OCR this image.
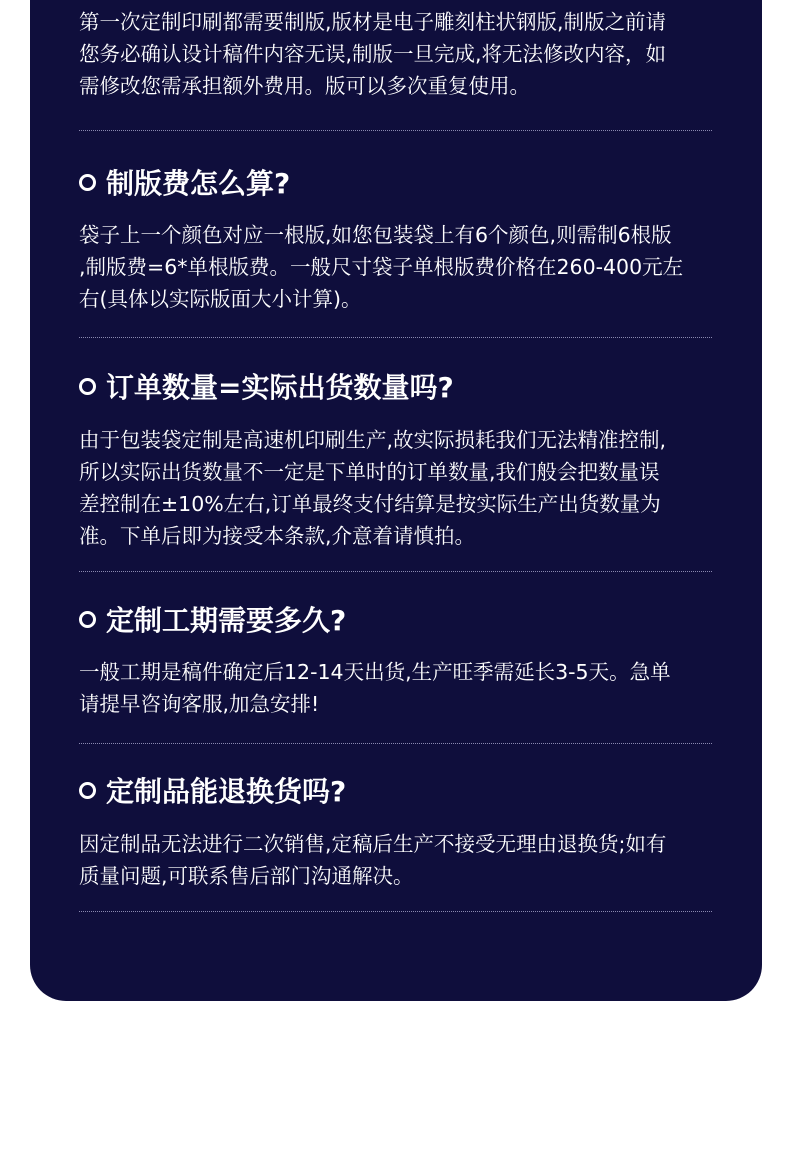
第一次定制印刷都需要制版,版材是电子雕刻柱状钢版,制版之前请
您务必确认设计稿件内容无误,制版一旦完成,将无法修改内容，如
需修改您需承担额外费用。版可以多次重复使用。

制版费怎么算?

袋子上一个颜色对应一根版,如您包装袋上有6个颜色,则需制6根版
,制版费=6*单根版费。一般尺寸袋子单根版费价格在260-400元左
右(具体以实际版面大小计算)。

订单数量=实际出货数量吗?

由于包装袋定制是高速机印刷生产,故实际损耗我们无法精准控制,
所以实际出货数量不一定是下单时的订单数量,我们般会把数量误
差控制在±10%左右,订单最终支付结算是按实际生产出货数量为
准。下单后即为接受本条款,介意着请慎拍。

定制工期需要多久?

一般工期是稿件确定后12-14天出货,生产旺季需延长3-5天。急单
请提早咨询客服,加急安排!

定制品能退换货吗?

因定制品无法进行二次销售,定稿后生产不接受无理由退换货;如有
质量问题,可联系售后部门沟通解决。
